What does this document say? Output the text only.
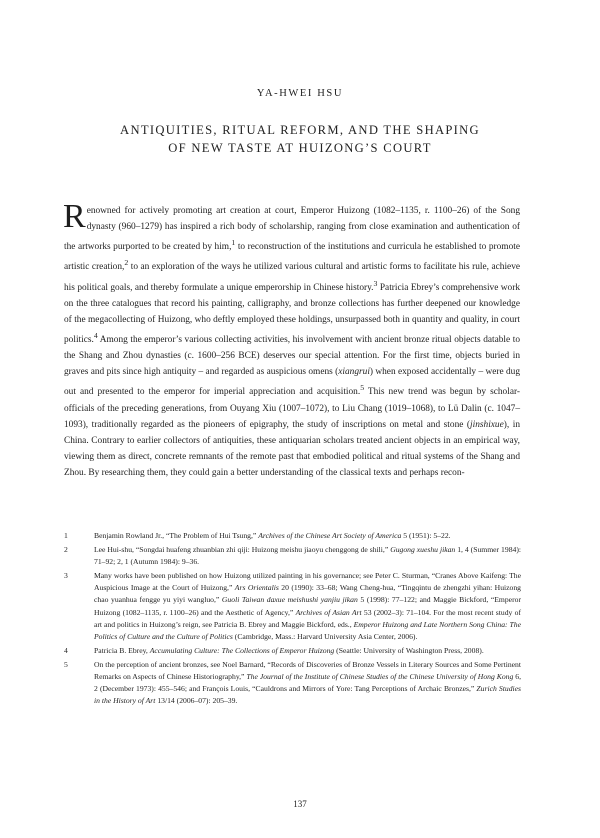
YA-HWEI HSU
ANTIQUITIES, RITUAL REFORM, AND THE SHAPING
OF NEW TASTE AT HUIZONG’S COURT
Renowned for actively promoting art creation at court, Emperor Huizong (1082–1135, r. 1100–26) of the Song dynasty (960–1279) has inspired a rich body of scholarship, ranging from close examination and authentication of the artworks purported to be created by him,$^1$ to reconstruction of the institutions and curricula he established to promote artistic creation,$^2$ to an exploration of the ways he utilized various cultural and artistic forms to facilitate his rule, achieve his political goals, and thereby formulate a unique emperorship in Chinese history.$^3$ Patricia Ebrey’s comprehensive work on the three catalogues that record his painting, calligraphy, and bronze collections has further deepened our knowledge of the megacollecting of Huizong, who deftly employed these holdings, unsurpassed both in quantity and quality, in court politics.$^4$ Among the emperor’s various collecting activities, his involvement with ancient bronze ritual objects datable to the Shang and Zhou dynasties (c. 1600–256 BCE) deserves our special attention. For the first time, objects buried in graves and pits since high antiquity – and regarded as auspicious omens (xiangrui) when exposed accidentally – were dug out and presented to the emperor for imperial appreciation and acquisition.$^5$ This new trend was begun by scholar-officials of the preceding generations, from Ouyang Xiu (1007–1072), to Liu Chang (1019–1068), to Lü Dalin (c. 1047–1093), traditionally regarded as the pioneers of epigraphy, the study of inscriptions on metal and stone (jinshixue), in China. Contrary to earlier collectors of antiquities, these antiquarian scholars treated ancient objects in an empirical way, viewing them as direct, concrete remnants of the remote past that embodied political and ritual systems of the Shang and Zhou. By researching them, they could gain a better understanding of the classical texts and perhaps recon-
1	Benjamin Rowland Jr., “The Problem of Hui Tsung,” Archives of the Chinese Art Society of America 5 (1951): 5–22.
2	Lee Hui-shu, “Songdai huafeng zhuanbian zhi qiji: Huizong meishu jiaoyu chenggong de shili,” Gugong xueshu jikan 1, 4 (Summer 1984): 71–92; 2, 1 (Autumn 1984): 9–36.
3	Many works have been published on how Huizong utilized painting in his governance; see Peter C. Sturman, “Cranes Above Kaifeng: The Auspicious Image at the Court of Huizong,” Ars Orientalis 20 (1990): 33–68; Wang Cheng-hua, “Tingqintu de zhengzhi yihan: Huizong chao yuanhua fengge yu yiyi wangluo,” Guoli Taiwan daxue meishushi yanjiu jikan 5 (1998): 77–122; and Maggie Bickford, “Emperor Huizong (1082–1135, r. 1100–26) and the Aesthetic of Agency,” Archives of Asian Art 53 (2002–3): 71–104. For the most recent study of art and politics in Huizong’s reign, see Patricia B. Ebrey and Maggie Bickford, eds., Emperor Huizong and Late Northern Song China: The Politics of Culture and the Culture of Politics (Cambridge, Mass.: Harvard University Asia Center, 2006).
4	Patricia B. Ebrey, Accumulating Culture: The Collections of Emperor Huizong (Seattle: University of Washington Press, 2008).
5	On the perception of ancient bronzes, see Noel Barnard, “Records of Discoveries of Bronze Vessels in Literary Sources and Some Pertinent Remarks on Aspects of Chinese Historiography,” The Journal of the Institute of Chinese Studies of the Chinese University of Hong Kong 6, 2 (December 1973): 455–546; and François Louis, “Cauldrons and Mirrors of Yore: Tang Perceptions of Archaic Bronzes,” Zurich Studies in the History of Art 13/14 (2006–07): 205–39.
137
